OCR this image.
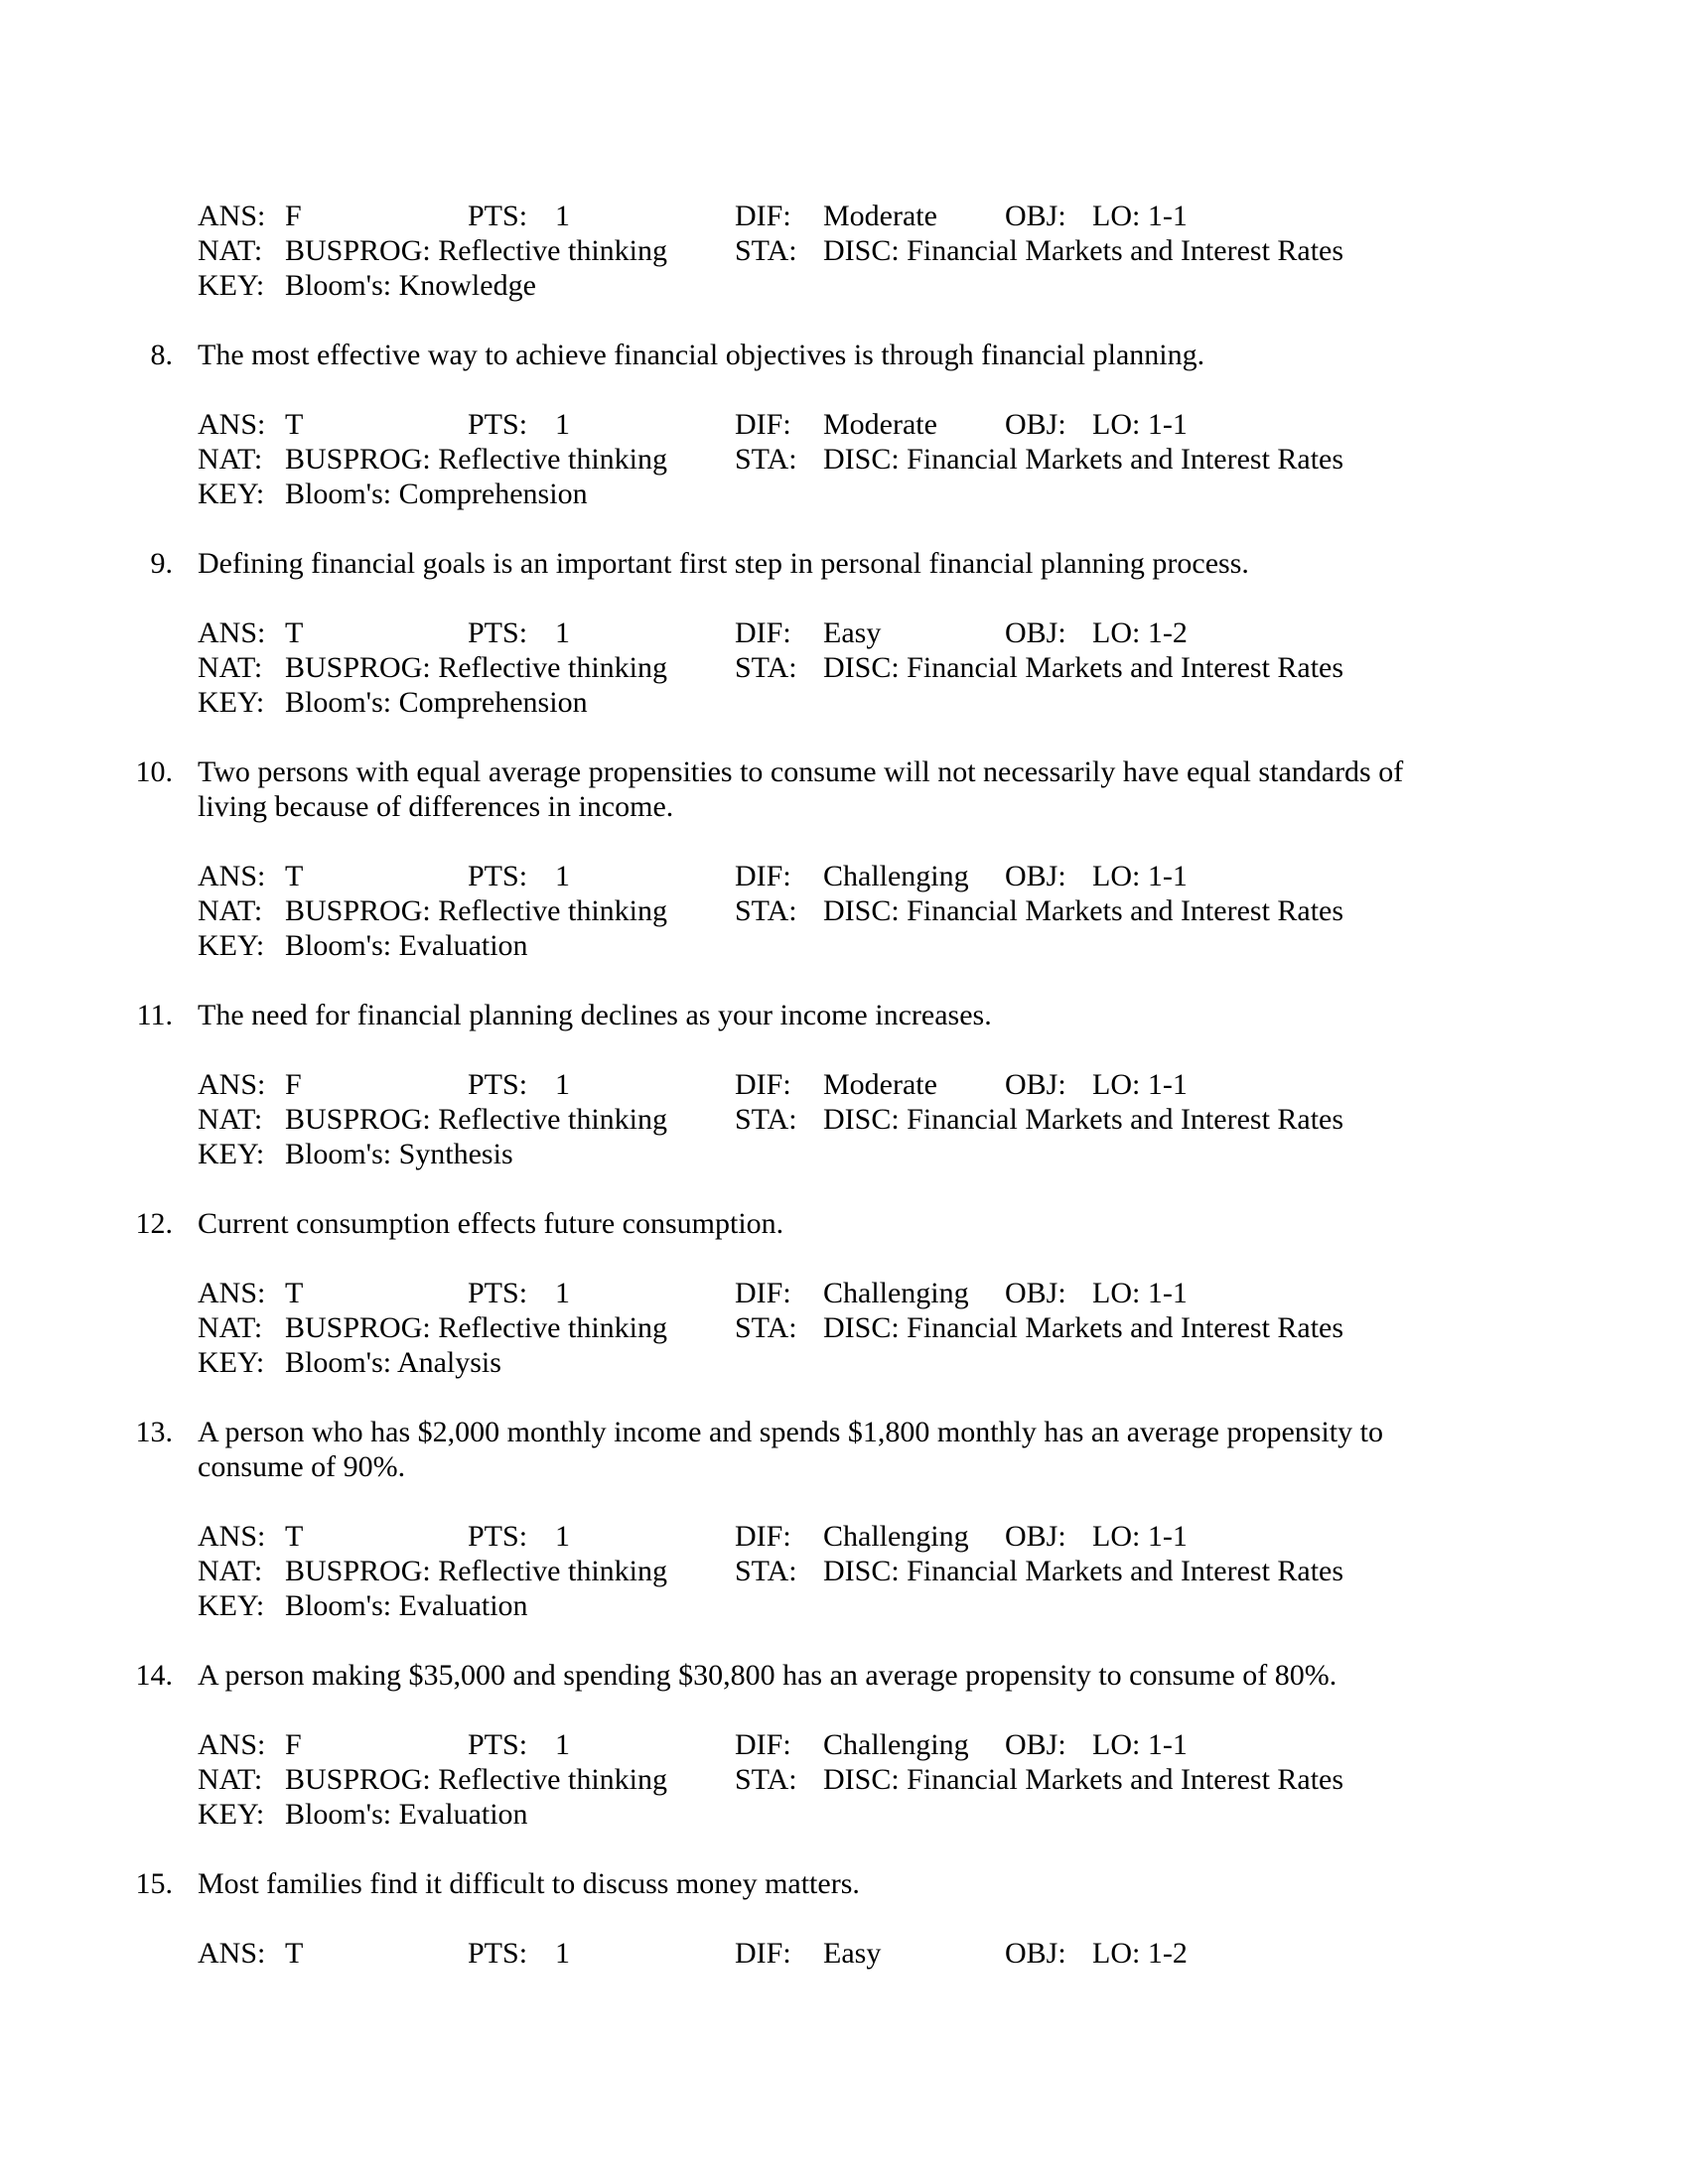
ANS: F	PTS: 1	DIF: Moderate OBJ: LO: 1-1
NAT: BUSPROG: Reflective thinking STA: DISC: Financial Markets and Interest Rates
KEY: Bloom's: Knowledge
8. The most effective way to achieve financial objectives is through financial planning.
ANS: T	PTS: 1	DIF: Moderate OBJ: LO: 1-1
NAT: BUSPROG: Reflective thinking STA: DISC: Financial Markets and Interest Rates
KEY: Bloom's: Comprehension
9. Defining financial goals is an important first step in personal financial planning process.
ANS: T	PTS: 1	DIF: Easy	OBJ: LO: 1-2
NAT: BUSPROG: Reflective thinking STA: DISC: Financial Markets and Interest Rates
KEY: Bloom's: Comprehension
10. Two persons with equal average propensities to consume will not necessarily have equal standards of
living because of differences in income.
ANS: T	PTS: 1	DIF: Challenging OBJ: LO: 1-1
NAT: BUSPROG: Reflective thinking STA: DISC: Financial Markets and Interest Rates
KEY: Bloom's: Evaluation
11. The need for financial planning declines as your income increases.
ANS: F	PTS: 1	DIF: Moderate OBJ: LO: 1-1
NAT: BUSPROG: Reflective thinking STA: DISC: Financial Markets and Interest Rates
KEY: Bloom's: Synthesis
12. Current consumption effects future consumption.
ANS: T	PTS: 1	DIF: Challenging OBJ: LO: 1-1
NAT: BUSPROG: Reflective thinking STA: DISC: Financial Markets and Interest Rates
KEY: Bloom's: Analysis
13. A person who has $2,000 monthly income and spends $1,800 monthly has an average propensity to
consume of 90%.
ANS: T	PTS: 1	DIF: Challenging OBJ: LO: 1-1
NAT: BUSPROG: Reflective thinking STA: DISC: Financial Markets and Interest Rates
KEY: Bloom's: Evaluation
14. A person making $35,000 and spending $30,800 has an average propensity to consume of 80%.
ANS: F	PTS: 1	DIF: Challenging OBJ: LO: 1-1
NAT: BUSPROG: Reflective thinking STA: DISC: Financial Markets and Interest Rates
KEY: Bloom's: Evaluation
15. Most families find it difficult to discuss money matters.
ANS: T	PTS: 1	DIF: Easy	OBJ: LO: 1-2
